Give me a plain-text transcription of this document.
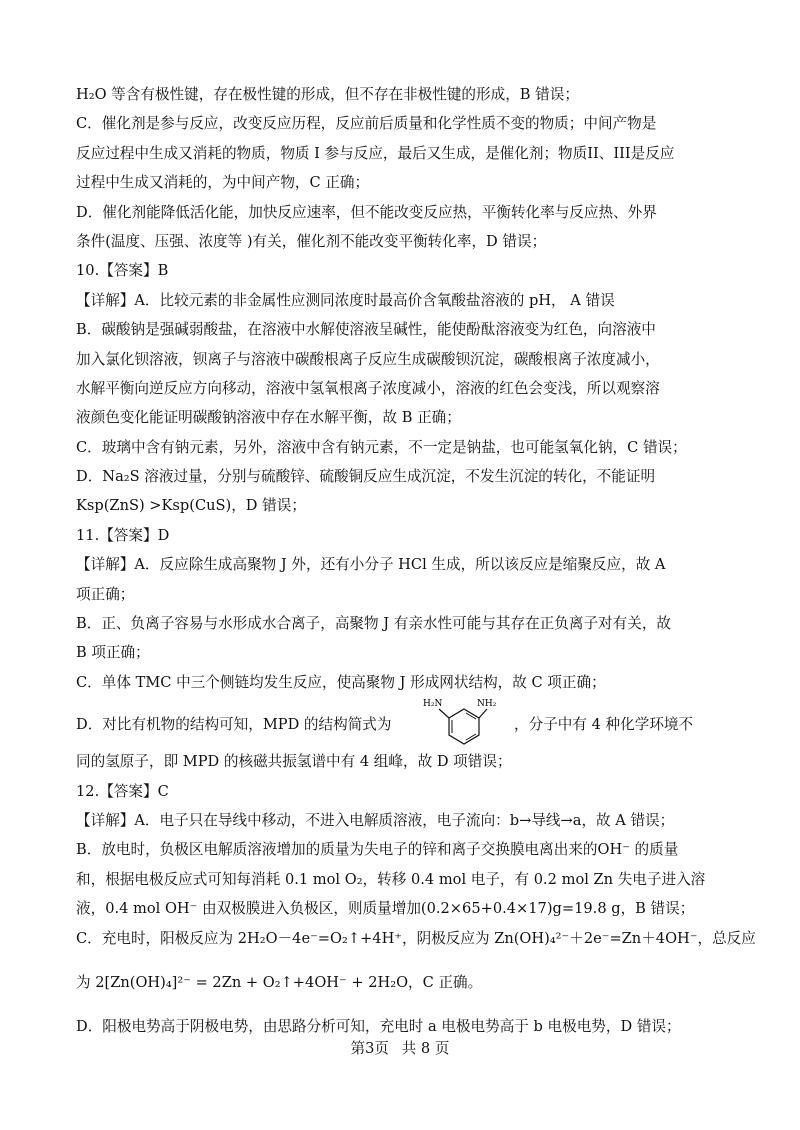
H₂O 等含有极性键，存在极性键的形成，但不存在非极性键的形成，B 错误；
C．催化剂是参与反应，改变反应历程，反应前后质量和化学性质不变的物质；中间产物是
反应过程中生成又消耗的物质，物质 I 参与反应，最后又生成，是催化剂；物质II、III是反应
过程中生成又消耗的，为中间产物，C 正确；
D．催化剂能降低活化能，加快反应速率，但不能改变反应热，平衡转化率与反应热、外界
条件(温度、压强、浓度等 )有关，催化剂不能改变平衡转化率，D 错误；
10.【答案】B
【详解】A．比较元素的非金属性应测同浓度时最高价含氧酸盐溶液的 pH， A 错误
B．碳酸钠是强碱弱酸盐，在溶液中水解使溶液呈碱性，能使酚酞溶液变为红色，向溶液中
加入氯化钡溶液，钡离子与溶液中碳酸根离子反应生成碳酸钡沉淀，碳酸根离子浓度减小，
水解平衡向逆反应方向移动，溶液中氢氧根离子浓度减小，溶液的红色会变浅，所以观察溶
液颜色变化能证明碳酸钠溶液中存在水解平衡，故 B 正确；
C．玻璃中含有钠元素，另外，溶液中含有钠元素，不一定是钠盐，也可能氢氧化钠，C 错误；
D．Na₂S 溶液过量，分别与硫酸锌、硫酸铜反应生成沉淀，不发生沉淀的转化，不能证明
Ksp(ZnS) >Ksp(CuS)，D 错误；
11.【答案】D
【详解】A．反应除生成高聚物 J 外，还有小分子 HCl 生成，所以该反应是缩聚反应，故 A
项正确；
B．正、负离子容易与水形成水合离子，高聚物 J 有亲水性可能与其存在正负离子对有关，故
B 项正确；
C．单体 TMC 中三个侧链均发生反应，使高聚物 J 形成网状结构，故 C 项正确；
D．对比有机物的结构可知，MPD 的结构简式为
H₂N	NH₂
，分子中有 4 种化学环境不
同的氢原子，即 MPD 的核磁共振氢谱中有 4 组峰，故 D 项错误；
12.【答案】C
【详解】A．电子只在导线中移动，不进入电解质溶液，电子流向：b→导线→a，故 A 错误；
B．放电时，负极区电解质溶液增加的质量为失电子的锌和离子交换膜电离出来的OH⁻ 的质量
和，根据电极反应式可知每消耗 0.1 mol O₂，转移 0.4 mol 电子，有 0.2 mol Zn 失电子进入溶
液，0.4 mol OH⁻ 由双极膜进入负极区，则质量增加(0.2×65+0.4×17)g=19.8 g，B 错误；
C．充电时，阳极反应为 2H₂O－4e⁻=O₂↑+4H⁺，阴极反应为 Zn(OH)₄²⁻＋2e⁻=Zn＋4OH⁻，总反应
为 2[Zn(OH)₄]²⁻ = 2Zn + O₂↑+4OH⁻ + 2H₂O，C 正确。
D．阳极电势高于阴极电势，由思路分析可知，充电时 a 电极电势高于 b 电极电势，D 错误；
第3页 共 8 页
